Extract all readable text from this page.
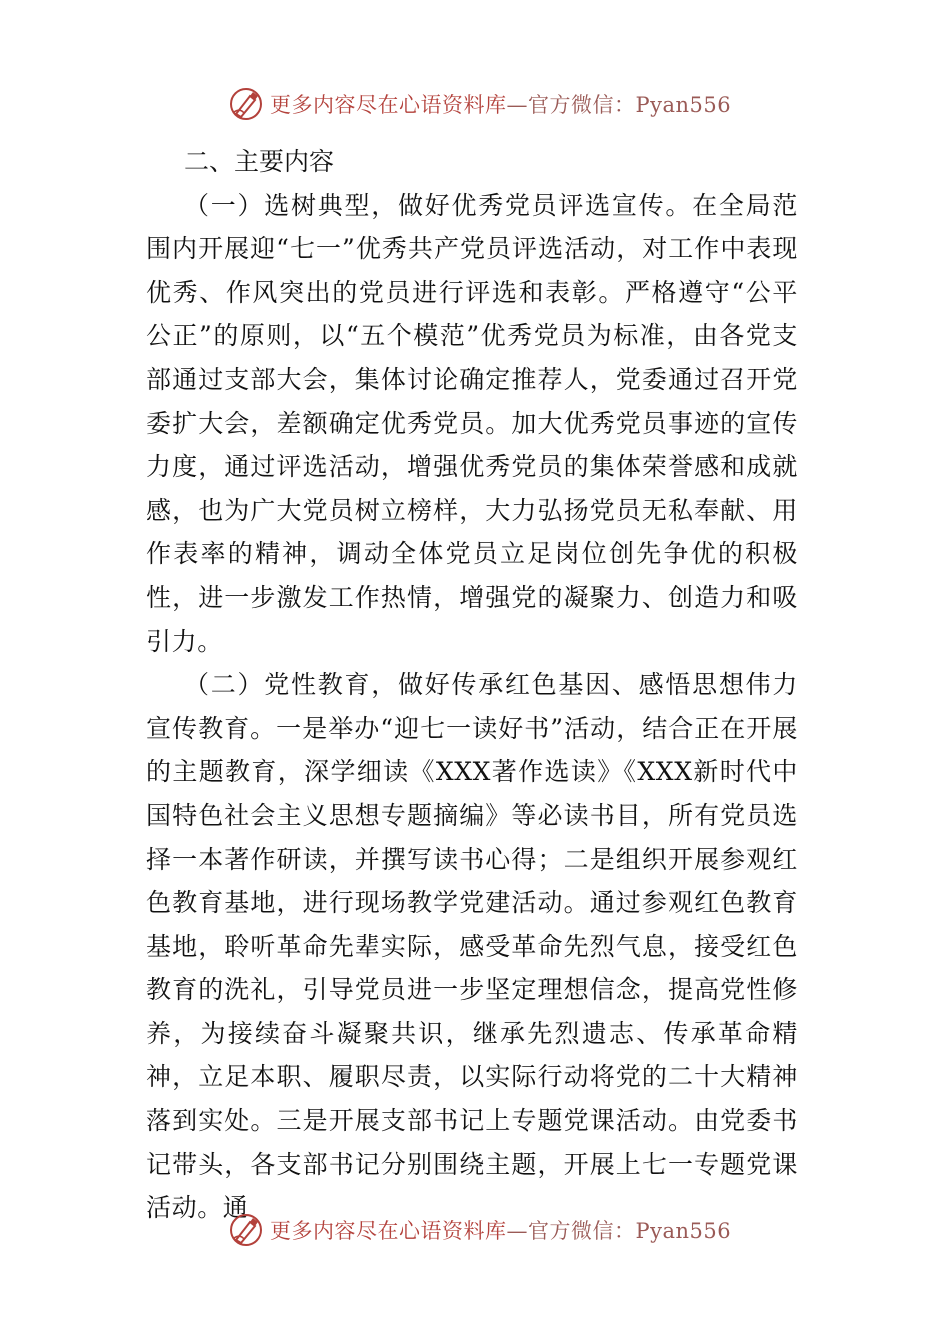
更多内容尽在心语资料库 —官方微信：Pyan556

二、主要内容

（一）选树典型，做好优秀党员评选宣传。在全局范围内开展迎“七一”优秀共产党员评选活动，对工作中表现优秀、作风突出的党员进行评选和表彰。严格遵守“公平公正”的原则，以“五个模范”优秀党员为标准，由各党支部通过支部大会，集体讨论确定推荐人，党委通过召开党委扩大会，差额确定优秀党员。加大优秀党员事迹的宣传力度，通过评选活动，增强优秀党员的集体荣誉感和成就感，也为广大党员树立榜样，大力弘扬党员无私奉献、用作表率的精神，调动全体党员立足岗位创先争优的积极性，进一步激发工作热情，增强党的凝聚力、创造力和吸引力。

（二）党性教育，做好传承红色基因、感悟思想伟力宣传教育。一是举办“迎七一读好书”活动，结合正在开展的主题教育，深学细读《XXX著作选读》《XXX新时代中国特色社会主义思想专题摘编》等必读书目，所有党员选择一本著作研读，并撰写读书心得；二是组织开展参观红色教育基地，进行现场教学党建活动。通过参观红色教育基地，聆听革命先辈实际，感受革命先烈气息，接受红色教育的洗礼，引导党员进一步坚定理想信念，提高党性修养，为接续奋斗凝聚共识，继承先烈遗志、传承革命精神，立足本职、履职尽责，以实际行动将党的二十大精神落到实处。三是开展支部书记上专题党课活动。由党委书记带头，各支部书记分别围绕主题，开展上七一专题党课活动。通

更多内容尽在心语资料库 —官方微信：Pyan556
